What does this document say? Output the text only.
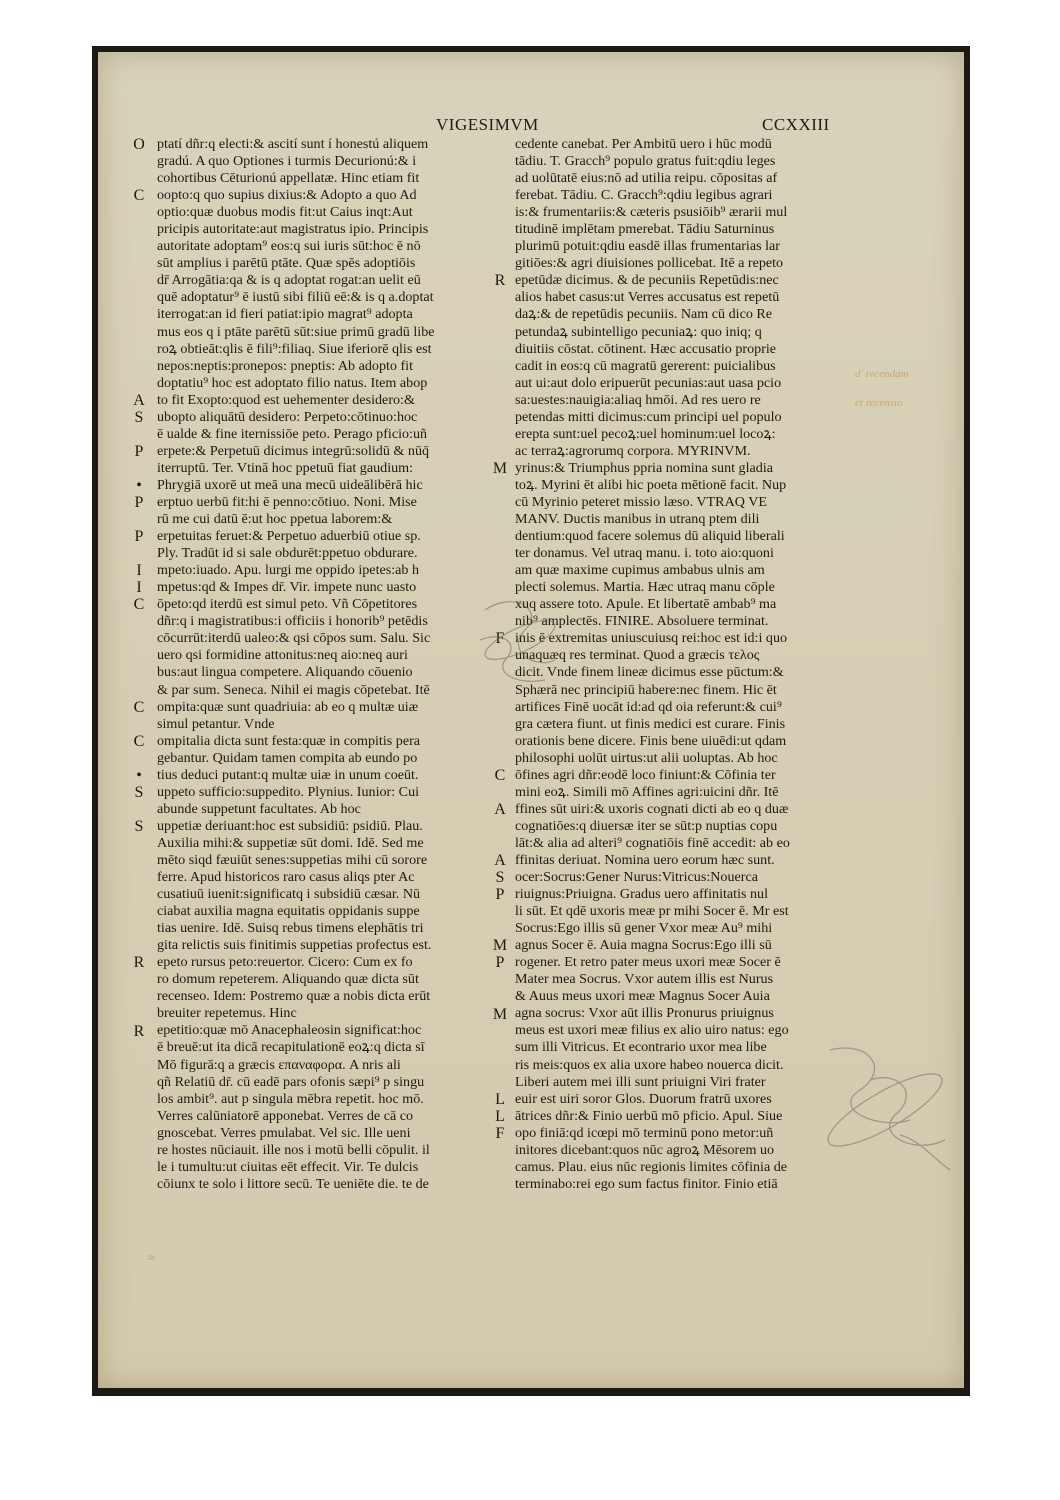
VIGESIMVM	CCXXIII
ptatí dñr:q electi:& ascití sunt í honestú aliquem
gradú. A quo Optiones i turmis Decurionú:& i
cohortibus Cēturionú appellatæ. Hinc etiam fit
oopto:q quo supius dixius:& Adopto a quo Ad
optio:quæ duobus modis fit:ut Caius inqt:Aut
pricipis autoritate:aut magistratus ipio. Principis
autoritate adoptam⁹ eos:q sui iuris sūt:hoc ē nō
sūt amplius i parētū ptāte. Quæ spēs adoptiōis
dr̄ Arrogātia:qa & is q adoptat rogat:an uelit eū
quē adoptatur⁹ ē iustū sibi filiū eē:& is q a.doptat
iterrogat:an id fieri patiat:ipio magrat⁹ adopta
mus eos q i ptāte parētū sūt:siue primū gradū libe
roꝝ obtieāt:qlis ē fili⁹:filiaq. Siue iferiorē qlis est
nepos:neptis:pronepos: pneptis: Ab adopto fit
doptatiu⁹ hoc est adoptato filio natus. Item abop
to fit Exopto:quod est uehementer desidero:&
ubopto aliquātū desidero: Perpeto:cōtinuo:hoc
ē ualde & fine iternissiōe peto. Perago pficio:uñ
erpete:& Perpetuū dicimus integrū:solidū & nūq̄
iterruptū. Ter. Vtinā hoc ppetuū fiat gaudium:
Phrygiā uxorē ut meā una mecū uideālibērā hic
erptuo uerbū fit:hi ē penno:cōtiuo. Noni. Mise
rū me cui datū ē:ut hoc ppetua laborem:&
erpetuitas feruet:& Perpetuo aduerbiū otiue sp.
Ply. Tradūt id si sale obdurēt:ppetuo obdurare.
mpeto:iuado. Apu. lurgi me oppido ipetes:ab h
mpetus:qd & Impes dr̄. Vir. impete nunc uasto
ōpeto:qd iterdū est simul peto. Vñ Cōpetitores
dñr:q i magistratibus:i officiis i honorib⁹ petēdis
cōcurrūt:iterdū ualeo:& qsi cōpos sum. Salu. Sic
uero qsi formidine attonitus:neq aio:neq auri
bus:aut lingua competere. Aliquando cōuenio
& par sum. Seneca. Nihil ei magis cōpetebat. Itē
ompita:quæ sunt quadriuia: ab eo q multæ uiæ
simul petantur. Vnde
ompitalia dicta sunt festa:quæ in compitis pera
gebantur. Quidam tamen compita ab eundo po
tius deduci putant:q multæ uiæ in unum coeūt.
uppeto sufficio:suppedito. Plynius. Iunior: Cui
abunde suppetunt facultates. Ab hoc
uppetiæ deriuant:hoc est subsidiū: psidiū. Plau.
Auxilia mihi:& suppetiæ sūt domi. Idē. Sed me
mēto siqd fæuiūt senes:suppetias mihi cū sorore
ferre. Apud historicos raro casus aliqs pter Ac
cusatiuū iuenit:significatq i subsidiū cæsar. Nū
ciabat auxilia magna equitatis oppidanis suppe
tias uenire. Idē. Suisq rebus timens elephātis tri
gita relictis suis finitimis suppetias profectus est.
epeto rursus peto:reuertor. Cicero: Cum ex fo
ro domum repeterem. Aliquando quæ dicta sūt
recenseo. Idem: Postremo quæ a nobis dicta erūt
breuiter repetemus. Hinc
epetitio:quæ mō Anacephaleosin significat:hoc
ē breuē:ut ita dicā recapitulationē eoꝝ:q dicta sī
Mō figurā:q a græcis επαναφορα. A nris ali
qñ Relatiū dr̄. cū eadē pars ofonis sæpi⁹ p singu
los ambit⁹. aut p singula mēbra repetit. hoc mō.
Verres calūniatorē apponebat. Verres de cā co
gnoscebat. Verres pmulabat. Vel sic. Ille ueni
re hostes nūciauit. ille nos i motū belli cōpulit. il
le i tumultu:ut ciuitas eēt effecit. Vir. Te dulcis
cōiunx te solo i littore secū. Te ueniēte die. te de
cedente canebat. Per Ambitū uero i hūc modū
tādiu. T. Gracch⁹ populo gratus fuit:qdiu leges
ad uolūtatē eius:nō ad utilia reipu. cōpositas af
ferebat. Tādiu. C. Gracch⁹:qdiu legibus agrari
is:& frumentariis:& cæteris psusiōib⁹ ærarii mul
titudinē implētam pmerebat. Tādiu Saturninus
plurimū potuit:qdiu easdē illas frumentarias lar
gitiōes:& agri diuisiones pollicebat. Itē a repeto
epetūdæ dicimus. & de pecuniis Repetūdis:nec
alios habet casus:ut Verres accusatus est repetū
daꝝ:& de repetūdis pecuniis. Nam cū dico Re
petundaꝝ subintelligo pecuniaꝝ: quo iniq; q
diuitiis cōstat. cōtinent. Hæc accusatio proprie
cadit in eos:q cū magratū gererent: puicialibus
aut ui:aut dolo eripuerūt pecunias:aut uasa pcio
sa:uestes:nauigia:aliaq hmōi. Ad res uero re
petendas mitti dicimus:cum principi uel populo
erepta sunt:uel pecoꝝ:uel hominum:uel locoꝝ:
ac terraꝝ:agrorumq corpora. MYRINVM.
yrinus:& Triumphus ppria nomina sunt gladia
toꝝ. Myrini ēt alibi hic poeta mētionē facit. Nup
cū Myrinio peteret missio læso. VTRAQ VE
MANV. Ductis manibus in utranq ptem dili
dentium:quod facere solemus dū aliquid liberali
ter donamus. Vel utraq manu. i. toto aio:quoni
am quæ maxime cupimus ambabus ulnis am
plecti solemus. Martia. Hæc utraq manu cōple
xuq assere toto. Apule. Et libertatē ambab⁹ ma
nib⁹ amplectēs. FINIRE. Absoluere terminat.
inis ē extremitas uniuscuiusq rei:hoc est id:i quo
unaquæq res terminat. Quod a græcis τελος
dicit. Vnde finem lineæ dicimus esse pūctum:&
Sphærā nec principiū habere:nec finem. Hic ēt
artifices Finē uocāt id:ad qd oia referunt:& cui⁹
gra cætera fiunt. ut finis medici est curare. Finis
orationis bene dicere. Finis bene uiuēdi:ut qdam
philosophi uolūt uirtus:ut alii uoluptas. Ab hoc
ōfines agri dñr:eodē loco finiunt:& Cōfinia ter
mini eoꝝ. Simili mō Affines agri:uicini dñr. Itē
ffines sūt uiri:& uxoris cognati dicti ab eo q duæ
cognatiōes:q diuersæ iter se sūt:p nuptias copu
lāt:& alia ad alteri⁹ cognatiōis finē accedit: ab eo
ffinitas deriuat. Nomina uero eorum hæc sunt.
ocer:Socrus:Gener Nurus:Vitricus:Nouerca
riuignus:Priuigna. Gradus uero affinitatis nul
li sūt. Et qdē uxoris meæ pr mihi Socer ē. Mr est
Socrus:Ego illis sū gener Vxor meæ Au⁹ mihi
agnus Socer ē. Auia magna Socrus:Ego illi sū
rogener. Et retro pater meus uxori meæ Socer ē
Mater mea Socrus. Vxor autem illis est Nurus
& Auus meus uxori meæ Magnus Socer Auia
agna socrus: Vxor aūt illis Pronurus priuignus
meus est uxori meæ filius ex alio uiro natus: ego
sum illi Vitricus. Et econtrario uxor mea libe
ris meis:quos ex alia uxore habeo nouerca dicit.
Liberi autem mei illi sunt priuigni Viri frater
euir est uiri soror Glos. Duorum fratrū uxores
ātrices dñr:& Finio uerbū mō pficio. Apul. Siue
opo finiā:qd icœpi mō terminū pono metor:uñ
initores dicebant:quos nūc agroꝝ Mēsorem uo
camus. Plau. eius nūc regionis limites cōfinia de
terminabo:rei ego sum factus finitor. Finio etiā
O
C
A
S
P
•
P
P
I
I
C
C
C
•
S
S
R
R
R
M
F
C
A
A
S
P
M
P
M
L
L
F
d' recendam
et recensio
≈
